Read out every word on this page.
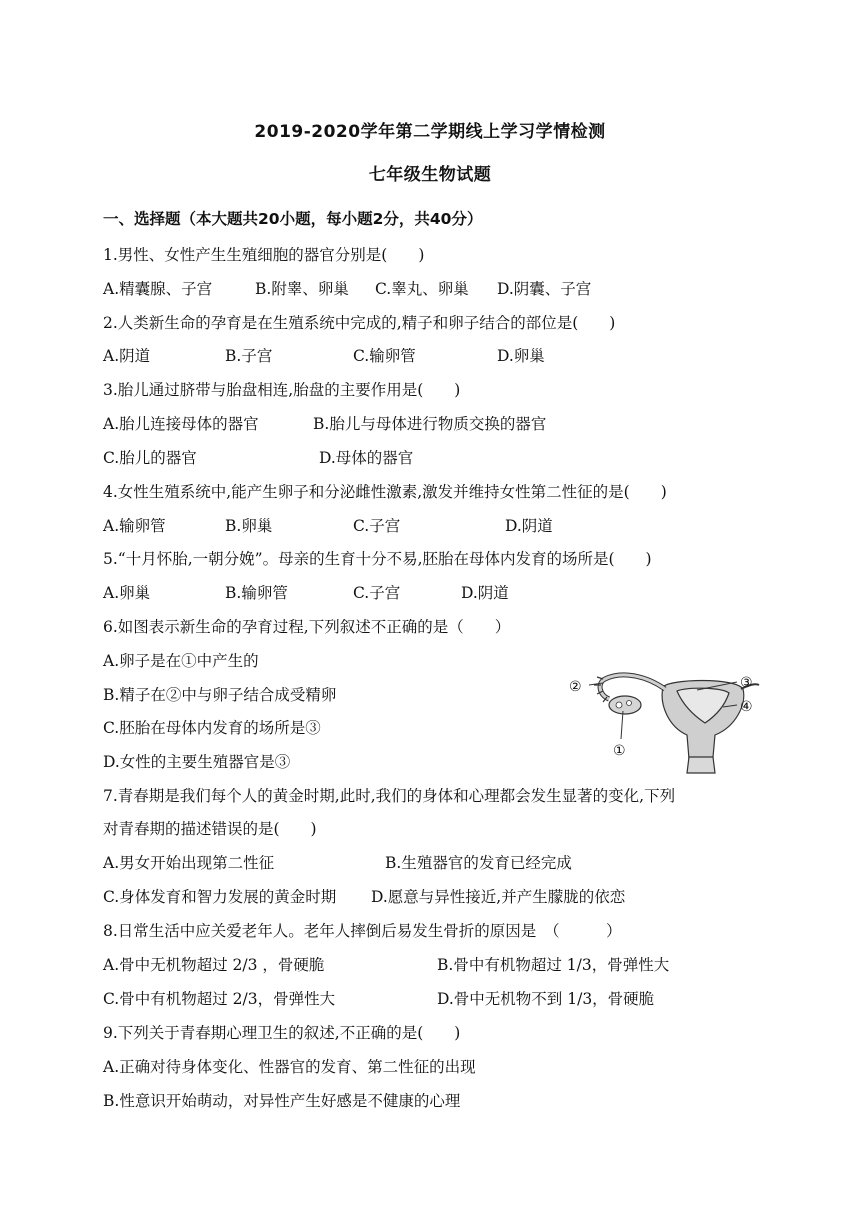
2019-2020学年第二学期线上学习学情检测
七年级生物试题
一、选择题（本大题共20小题，每小题2分，共40分）
1.男性、女性产生生殖细胞的器官分别是(　　)
A.精囊腺、子宫	B.附睾、卵巢 C.睾丸、卵巢 D.阴囊、子宫
2.人类新生命的孕育是在生殖系统中完成的,精子和卵子结合的部位是(　　)
A.阴道	B.子宫	C.输卵管	D.卵巢
3.胎儿通过脐带与胎盘相连,胎盘的主要作用是(　　)
A.胎儿连接母体的器官	B.胎儿与母体进行物质交换的器官
C.胎儿的器官	D.母体的器官
4.女性生殖系统中,能产生卵子和分泌雌性激素,激发并维持女性第二性征的是(　　)
A.输卵管	B.卵巢	C.子宫	D.阴道
5.“十月怀胎,一朝分娩”。母亲的生育十分不易,胚胎在母体内发育的场所是(　　)
A.卵巢	B.输卵管	C.子宫	D.阴道
6.如图表示新生命的孕育过程,下列叙述不正确的是（　　）
A.卵子是在①中产生的
B.精子在②中与卵子结合成受精卵
C.胚胎在母体内发育的场所是③
D.女性的主要生殖器官是③
②	③
④
①
7.青春期是我们每个人的黄金时期,此时,我们的身体和心理都会发生显著的变化,下列
对青春期的描述错误的是(　　)
A.男女开始出现第二性征	B.生殖器官的发育已经完成
C.身体发育和智力发展的黄金时期 D.愿意与异性接近,并产生朦胧的依恋
8.日常生活中应关爱老年人。老年人摔倒后易发生骨折的原因是　（　　　）
A.骨中无机物超过 2/3 ，骨硬脆	B.骨中有机物超过 1/3，骨弹性大
C.骨中有机物超过 2/3，骨弹性大	D.骨中无机物不到 1/3，骨硬脆
9.下列关于青春期心理卫生的叙述,不正确的是(　　)
A.正确对待身体变化、性器官的发育、第二性征的出现
B.性意识开始萌动，对异性产生好感是不健康的心理
